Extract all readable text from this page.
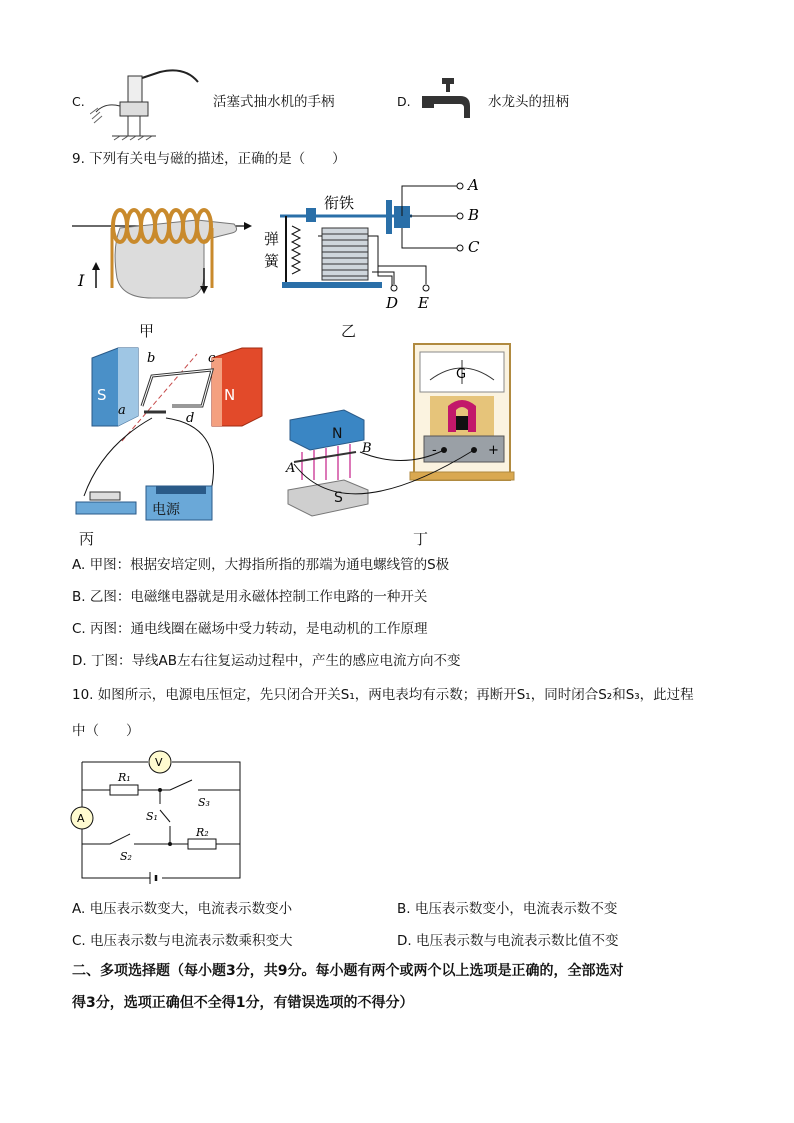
C.	活塞式抽水机的手柄	D.	水龙头的扭柄
9. 下列有关电与磁的描述，正确的是（　　）
I
甲
衔铁
A
B
C
D E
弹
簧
乙
S	N
b	c
a
d
电源
丙
G
-	+
N
S
A
B
丁
A. 甲图：根据安培定则，大拇指所指的那端为通电螺线管的S极
B. 乙图：电磁继电器就是用永磁体控制工作电路的一种开关
C. 丙图：通电线圈在磁场中受力转动，是电动机的工作原理
D. 丁图：导线AB左右往复运动过程中，产生的感应电流方向不变
10. 如图所示，电源电压恒定，先只闭合开关S₁，两电表均有示数；再断开S₁，同时闭合S₂和S₃，此过程
中（　　）
V
A
R₁
R₂
S₁
S₂
S₃
A. 电压表示数变大，电流表示数变小	B. 电压表示数变小，电流表示数不变
C. 电压表示数与电流表示数乘积变大	D. 电压表示数与电流表示数比值不变
二、多项选择题（每小题3分，共9分。每小题有两个或两个以上选项是正确的，全部选对
得3分，选项正确但不全得1分，有错误选项的不得分）
